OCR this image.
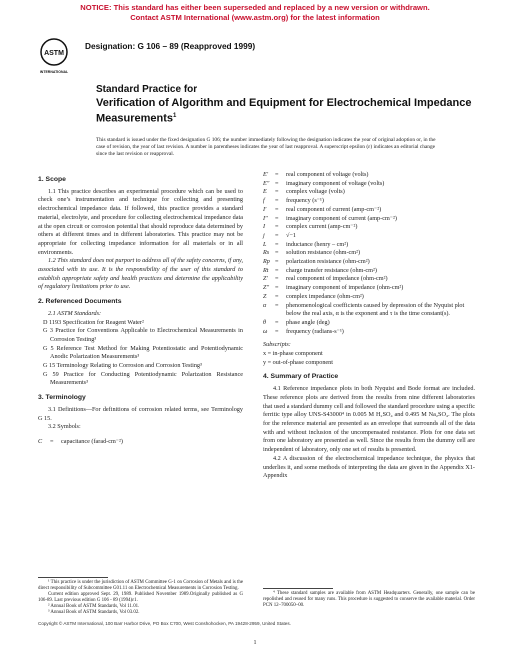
NOTICE: This standard has either been superseded and replaced by a new version or withdrawn.
Contact ASTM International (www.astm.org) for the latest information
ASTM
INTERNATIONAL
Designation: G 106 – 89 (Reapproved 1999)
Standard Practice for
Verification of Algorithm and Equipment for Electrochemical Impedance Measurements$^1$
This standard is issued under the fixed designation G 106; the number immediately following the designation indicates the year of original adoption or, in the case of revision, the year of last revision. A number in parentheses indicates the year of last reapproval. A superscript epsilon (ε) indicates an editorial change since the last revision or reapproval.
1. Scope

1.1 This practice describes an experimental procedure which can be used to check one’s instrumentation and technique for collecting and presenting electrochemical impedance data. If followed, this practice provides a standard material, electrolyte, and procedure for collecting electrochemical impedance data at the open circuit or corrosion potential that should reproduce data determined by others at different times and in different laboratories. This practice may not be appropriate for collecting impedance information for all materials or in all environments.

1.2 This standard does not purport to address all of the safety concerns, if any, associated with its use. It is the responsibility of the user of this standard to establish appropriate safety and health practices and determine the applicability of regulatory limitations prior to use.

2. Referenced Documents

2.1 ASTM Standards:

D 1193 Specification for Reagent Water²

G 3 Practice for Conventions Applicable to Electrochemical Measurements in Corrosion Testing³

G 5 Reference Test Method for Making Potentiostatic and Potentiodynamic Anodic Polarization Measurements³

G 15 Terminology Relating to Corrosion and Corrosion Testing³

G 59 Practice for Conducting Potentiodynamic Polarization Resistance Measurements³

3. Terminology

3.1 Definitions—For definitions of corrosion related terms, see Terminology G 15.

3.2 Symbols:

C	=	capacitance (farad-cm⁻²)

¹ This practice is under the jurisdiction of ASTM Committee G-1 on Corrosion of Metals and is the direct responsibility of Subcommittee G01.11 on Electrochemical Measurements in Corrosion Testing.

Current edition approved Sept. 29, 1989. Published November 1989.Originally published as G 106-89. Last previous edition G 106 - 89 (1994)ε1.

² Annual Book of ASTM Standards, Vol 11.01.

³ Annual Book of ASTM Standards, Vol 03.02.

E′	=	real component of voltage (volts)
E″ =	imaginary component of voltage (volts)
E	=	complex voltage (volts)
f	=	frequency (s⁻¹)
I′	=	real component of current (amp-cm⁻²)
I″	=	imaginary component of current (amp-cm⁻²)
I	=	complex current (amp-cm⁻²)
j	=	√−1
L	=	inductance (henry – cm²)
Rs =	solution resistance (ohm-cm²)
Rp =	polarization resistance (ohm-cm²)
Rt	=	charge transfer resistance (ohm-cm²)
Z′	=	real component of impedance (ohm-cm²)
Z″ =	imaginary component of impedance (ohm-cm²)
Z	=	complex impedance (ohm-cm²)
α	=	phenomenological coefficients caused by depression of the Nyquist plot below the real axis, α is the exponent and τ is the time constant(s).
θ	=	phase angle (deg)
ω	=	frequency (radians-s⁻¹)

Subscripts:

x = in-phase component

y = out-of-phase component

4. Summary of Practice

4.1 Reference impedance plots in both Nyquist and Bode format are included. These reference plots are derived from the results from nine different laboratories that used a standard dummy cell and followed the standard procedure using a specific ferritic type alloy UNS-S43000⁴ in 0.005 M H₂SO₄ and 0.495 M Na₂SO₄. The plots for the reference material are presented as an envelope that surrounds all of the data with and without inclusion of the uncompensated resistance. Plots for one data set from one laboratory are presented as well. Since the results from the dummy cell are independent of laboratory, only one set of results is presented.

4.2 A discussion of the electrochemical impedance technique, the physics that underlies it, and some methods of interpreting the data are given in the Appendix X1-Appendix

⁴ These standard samples are available from ASTM Headquarters. Generally, one sample can be repolished and reused for many runs. This procedure is suggested to conserve the available material. Order PCN 12–700050–00.

Copyright © ASTM International, 100 Barr Harbor Drive, PO Box C700, West Conshohocken, PA 19428-2959, United States.
1
